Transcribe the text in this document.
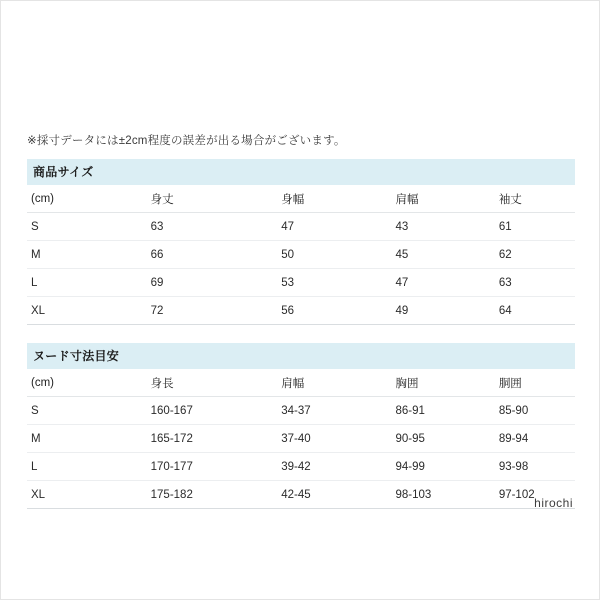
※採寸データには±2cm程度の誤差が出る場合がございます。

商品サイズ
(cm)	身丈	身幅	肩幅	袖丈
S	63	47	43	61
M	66	50	45	62
L	69	53	47	63
XL	72	56	49	64
ヌード寸法目安
(cm)	身長	肩幅	胸囲	胴囲
S	160-167	34-37	86-91	85-90
M	165-172	37-40	90-95	89-94
L	170-177	39-42	94-99	93-98
XL	175-182	42-45	98-103	97-102
hirochi
